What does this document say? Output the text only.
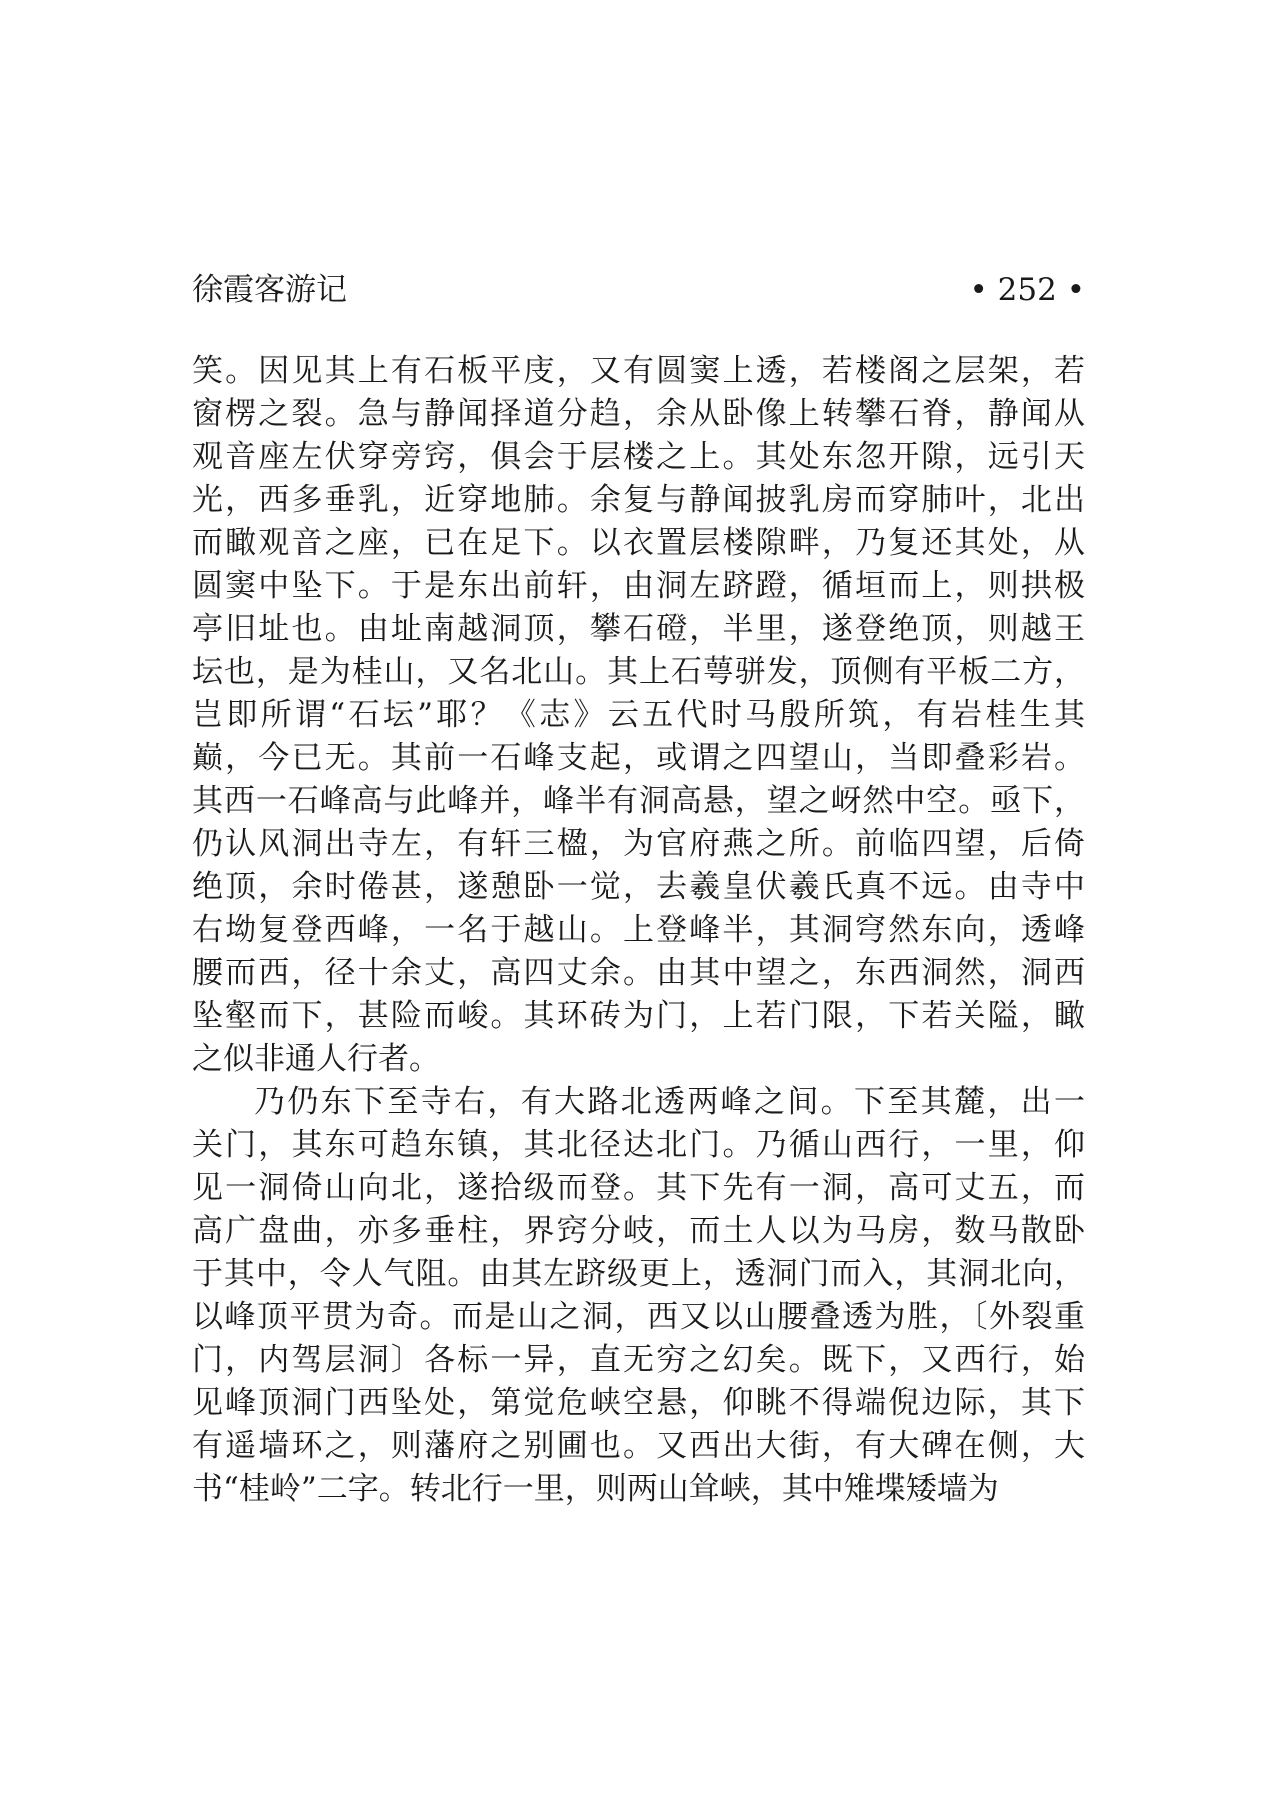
徐霞客游记	• 252 •
笑。因见其上有石板平庋，又有圆窦上透，若楼阁之层架，若
窗楞之裂。急与静闻择道分趋，余从卧像上转攀石脊，静闻从
观音座左伏穿旁窍，俱会于层楼之上。其处东忽开隙，远引天
光，西多垂乳，近穿地肺。余复与静闻披乳房而穿肺叶，北出
而瞰观音之座，已在足下。以衣置层楼隙畔，乃复还其处，从
圆窦中坠下。于是东出前轩，由洞左跻蹬，循垣而上，则拱极
亭旧址也。由址南越洞顶，攀石磴，半里，遂登绝顶，则越王
坛也，是为桂山，又名北山。其上石萼骈发，顶侧有平板二方，
岂即所谓“石坛”耶？《志》云五代时马殷所筑，有岩桂生其
巅，今已无。其前一石峰支起，或谓之四望山，当即叠彩岩。
其西一石峰高与此峰并，峰半有洞高悬，望之岈然中空。亟下，
仍认风洞出寺左，有轩三楹，为官府燕之所。前临四望，后倚
绝顶，余时倦甚，遂憩卧一觉，去羲皇伏羲氏真不远。由寺中
右坳复登西峰，一名于越山。上登峰半，其洞穹然东向，透峰
腰而西，径十余丈，高四丈余。由其中望之，东西洞然，洞西
坠壑而下，甚险而峻。其环砖为门，上若门限，下若关隘，瞰
之似非通人行者。
乃仍东下至寺右，有大路北透两峰之间。下至其麓，出一
关门，其东可趋东镇，其北径达北门。乃循山西行，一里，仰
见一洞倚山向北，遂拾级而登。其下先有一洞，高可丈五，而
高广盘曲，亦多垂柱，界窍分岐，而土人以为马房，数马散卧
于其中，令人气阻。由其左跻级更上，透洞门而入，其洞北向，
以峰顶平贯为奇。而是山之洞，西又以山腰叠透为胜，〔外裂重
门，内驾层洞〕各标一异，直无穷之幻矣。既下，又西行，始
见峰顶洞门西坠处，第觉危峡空悬，仰眺不得端倪边际，其下
有遥墙环之，则藩府之别圃也。又西出大街，有大碑在侧，大
书“桂岭”二字。转北行一里，则两山耸峡，其中雉堞矮墙为
